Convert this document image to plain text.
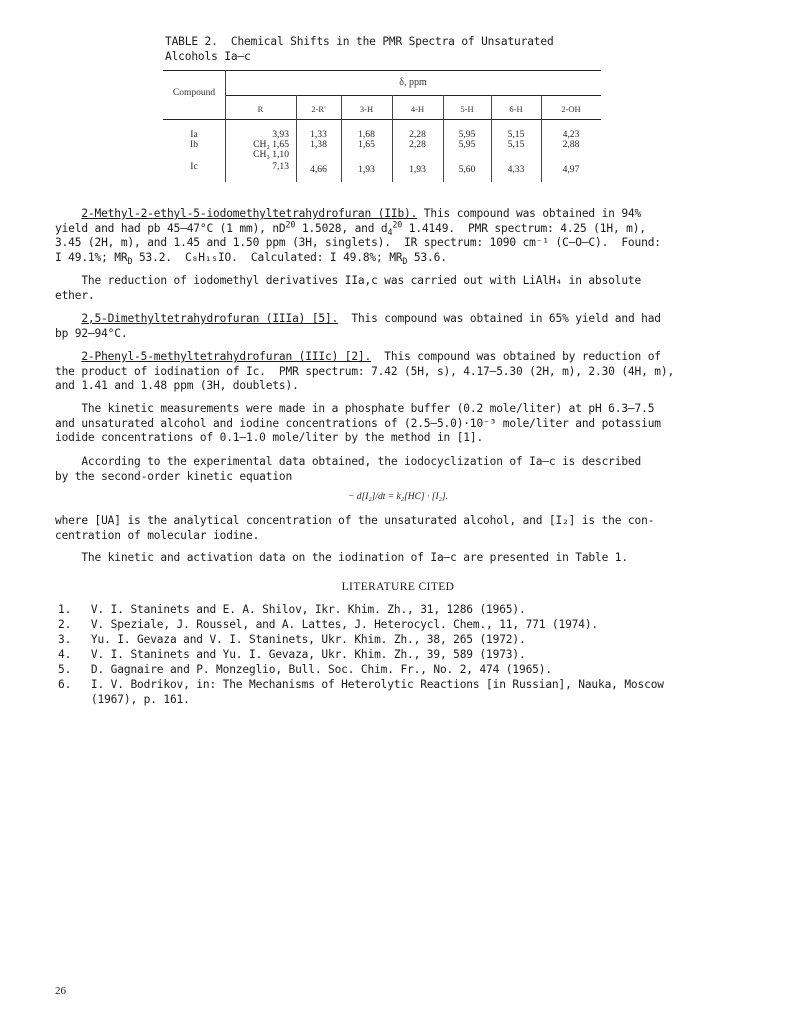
TABLE 2.  Chemical Shifts in the PMR Spectra of Unsaturated
Alcohols Ia–c
Compound
δ, ppm
R	2-R'	3-H	4-H	5-H	6-H	2-OH
Ia	3,93	1,33	1,68	2,28	5,95	5,15	4,23
Ib	CH₂ 1,65	1,38	1,65	2,28	5,95	5,15	2,88
CH₃ 1,10
Ic	7,13	4,66	1,93	1,93	5,60	4,33	4,97
2-Methyl-2-ethyl-5-iodomethyltetrahydrofuran (IIb). This compound was obtained in 94%
yield and had pb 45–47°C (1 mm), $nD^{20}$ 1.5028, and $d_4^{20}$ 1.4149.  PMR spectrum: 4.25 (1H, m),
3.45 (2H, m), and 1.45 and 1.50 ppm (3H, singlets).  IR spectrum: 1090 cm⁻¹ (C–O–C).  Found:
I 49.1%; $MR_D$ 53.2.  C₈H₁₅IO.  Calculated: I 49.8%; $MR_D$ 53.6.
The reduction of iodomethyl derivatives IIa,c was carried out with LiAlH₄ in absolute
ether.
2,5-Dimethyltetrahydrofuran (IIIa) [5].  This compound was obtained in 65% yield and had
bp 92–94°C.
2-Phenyl-5-methyltetrahydrofuran (IIIc) [2].  This compound was obtained by reduction of
the product of iodination of Ic.  PMR spectrum: 7.42 (5H, s), 4.17–5.30 (2H, m), 2.30 (4H, m),
and 1.41 and 1.48 ppm (3H, doublets).
The kinetic measurements were made in a phosphate buffer (0.2 mole/liter) at pH 6.3–7.5
and unsaturated alcohol and iodine concentrations of (2.5–5.0)·10⁻³ mole/liter and potassium
iodide concentrations of 0.1–1.0 mole/liter by the method in [1].
According to the experimental data obtained, the iodocyclization of Ia–c is described
by the second-order kinetic equation
− d[I₂]/dt = k₂[HC] · [I₂].
where [UA] is the analytical concentration of the unsaturated alcohol, and [I₂] is the con-
centration of molecular iodine.
The kinetic and activation data on the iodination of Ia–c are presented in Table 1.
LITERATURE CITED
1.   V. I. Staninets and E. A. Shilov, Ikr. Khim. Zh., 31, 1286 (1965).
2.   V. Speziale, J. Roussel, and A. Lattes, J. Heterocycl. Chem., 11, 771 (1974).
3.   Yu. I. Gevaza and V. I. Staninets, Ukr. Khim. Zh., 38, 265 (1972).
4.   V. I. Staninets and Yu. I. Gevaza, Ukr. Khim. Zh., 39, 589 (1973).
5.   D. Gagnaire and P. Monzeglio, Bull. Soc. Chim. Fr., No. 2, 474 (1965).
6.   I. V. Bodrikov, in: The Mechanisms of Heterolytic Reactions [in Russian], Nauka, Moscow
(1967), p. 161.
26
